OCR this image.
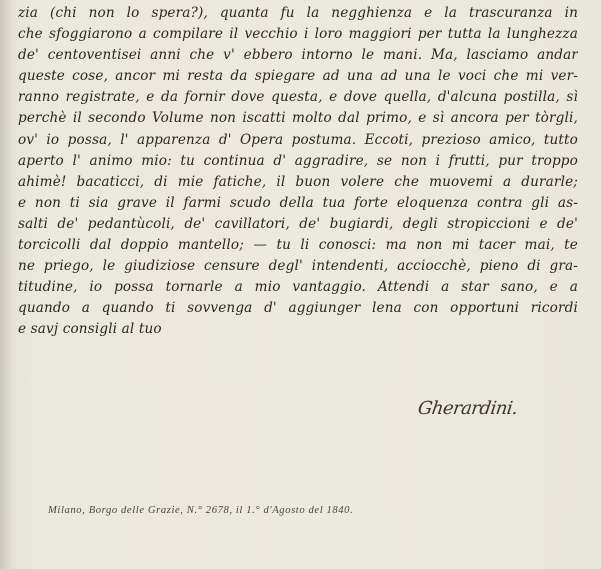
zia (chi non lo spera?), quanta fu la negghienza e la trascuranza in
che sfoggiarono a compilare il vecchio i loro maggiori per tutta la lunghezza
de' centoventisei anni che v' ebbero intorno le mani. Ma, lasciamo andar
queste cose, ancor mi resta da spiegare ad una ad una le voci che mi ver-
ranno registrate, e da fornir dove questa, e dove quella, d'alcuna postilla, sì
perchè il secondo Volume non iscatti molto dal primo, e sì ancora per tòrgli,
ov' io possa, l' apparenza d' Opera postuma. Eccoti, prezioso amico, tutto
aperto l' animo mio: tu continua d' aggradire, se non i frutti, pur troppo
ahimè! bacaticci, di mie fatiche, il buon volere che muovemi a durarle;
e non ti sia grave il farmi scudo della tua forte eloquenza contra gli as-
salti de' pedantùcoli, de' cavillatori, de' bugiardi, degli stropiccioni e de'
torcicolli dal doppio mantello; — tu li conosci: ma non mi tacer mai, te
ne priego, le giudiziose censure degl' intendenti, acciocchè, pieno di gra-
titudine, io possa tornarle a mio vantaggio. Attendi a star sano, e a
quando a quando ti sovvenga d' aggiunger lena con opportuni ricordi
e savj consigli al tuo
Gherardini.
Milano, Borgo delle Grazie, N.° 2678, il 1.° d'Agosto del 1840.
